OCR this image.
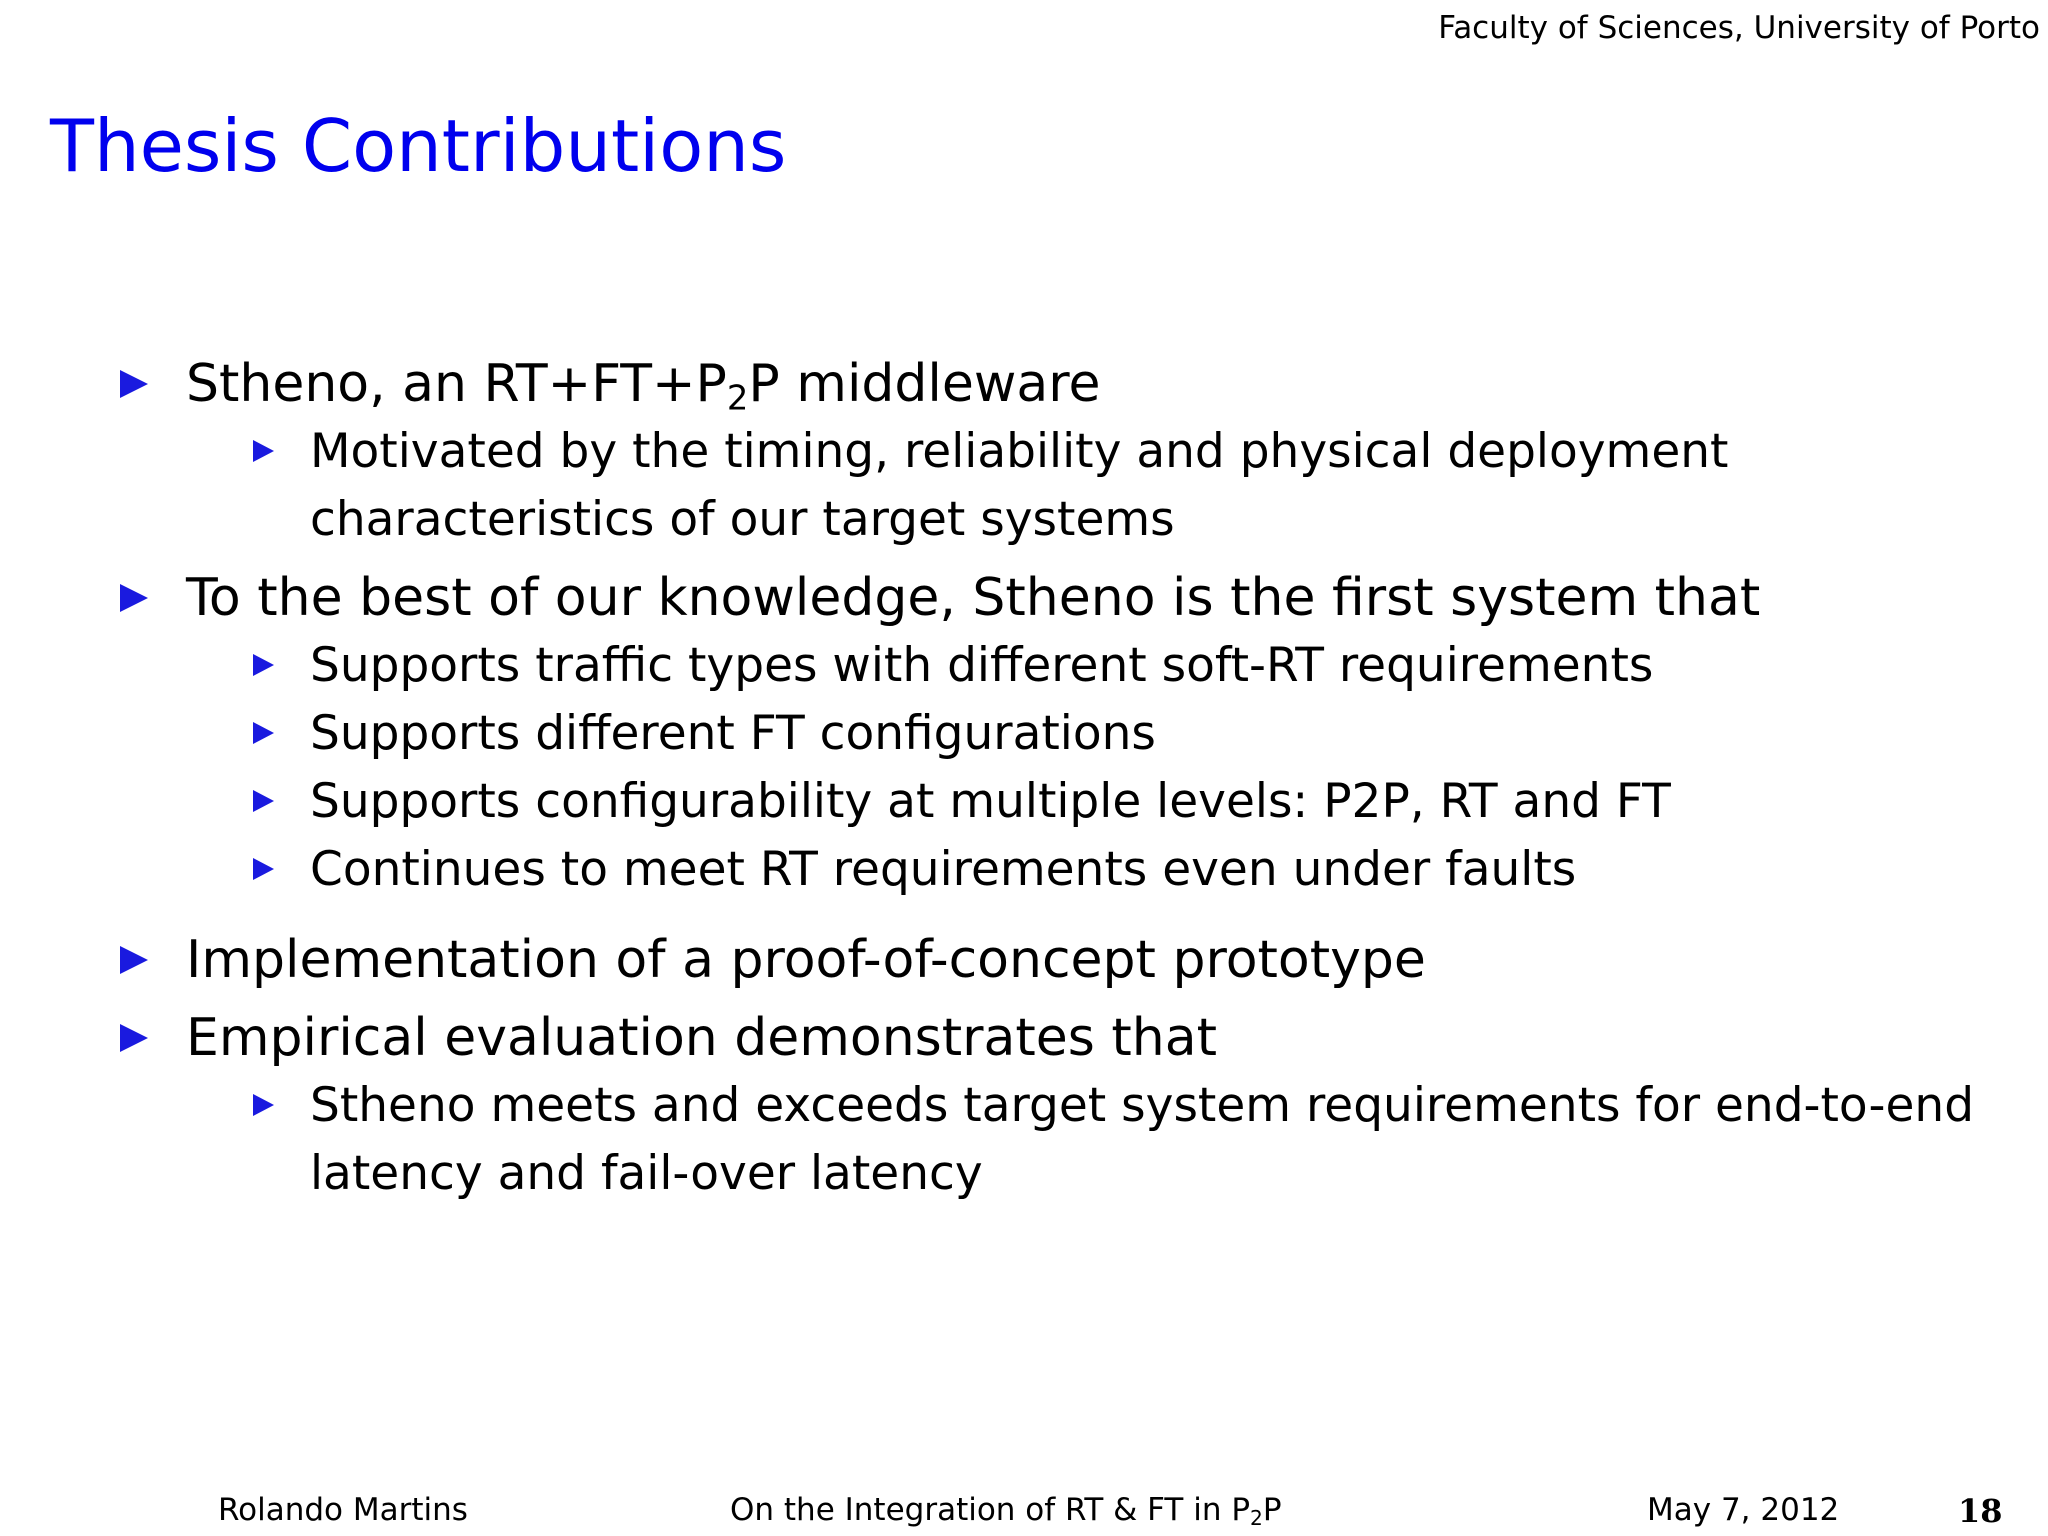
Faculty of Sciences, University of Porto
Thesis Contributions
Stheno, an $RT+FT+P_2P$ middleware
Motivated by the timing, reliability and physical deployment characteristics of our target systems
To the best of our knowledge, Stheno is the first system that
Supports traffic types with different soft-RT requirements
Supports different FT configurations
Supports configurability at multiple levels: P2P, RT and FT
Continues to meet RT requirements even under faults
Implementation of a proof-of-concept prototype
Empirical evaluation demonstrates that
Stheno meets and exceeds target system requirements for end-to-end latency and fail-over latency
Rolando Martins	On the Integration of RT & FT in $P_2P$	May 7, 2012	18
